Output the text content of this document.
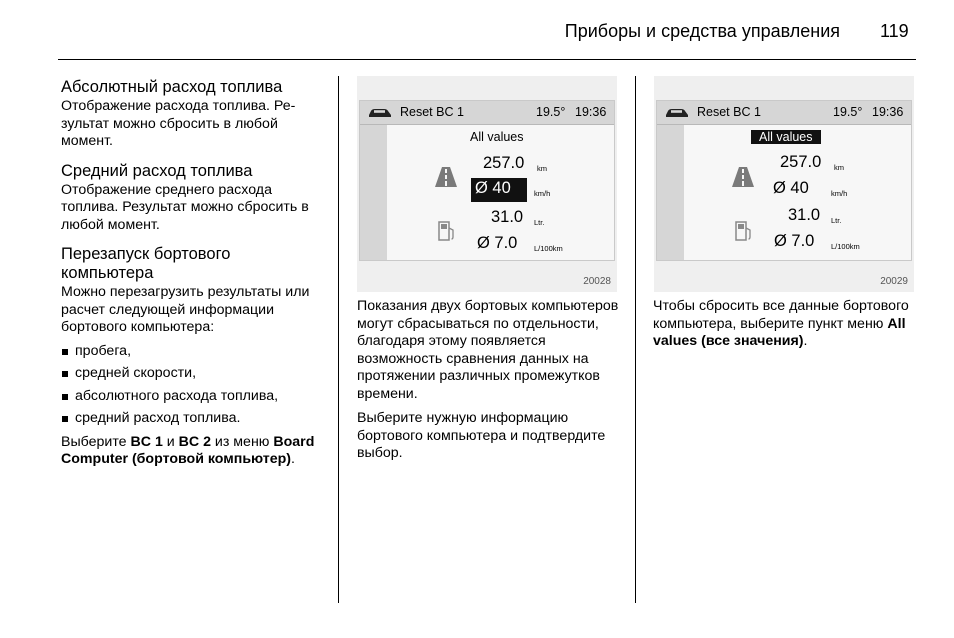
Приборы и средства управления 119
Абсолютный расход топлива
Отображение расхода топлива. Результат можно сбросить в любой момент.
Средний расход топлива
Отображение среднего расхода топлива. Результат можно сбросить в любой момент.
Перезапуск бортового компьютера
Можно перезагрузить результаты или расчет следующей информации бортового компьютера:
пробега,
средней скорости,
абсолютного расхода топлива,
средний расход топлива.
Выберите BC 1 и BC 2 из меню Board Computer (бортовой компьютер).
Reset BC 1	19.5° 19:36
All values
257.0 km
Ø 40	km/h
31.0 Ltr.
Ø 7.0 L/100km
20028
Reset BC 1	19.5° 19:36
All values
257.0 km
Ø 40	km/h
31.0 Ltr.
Ø 7.0 L/100km
20029
Показания двух бортовых компьютеров могут сбрасываться по отдельности, благодаря этому появляется возможность сравнения данных на протяжении различных промежутков времени.
Выберите нужную информацию бортового компьютера и подтвердите выбор.
Чтобы сбросить все данные бортового компьютера, выберите пункт меню All values (все значения).
